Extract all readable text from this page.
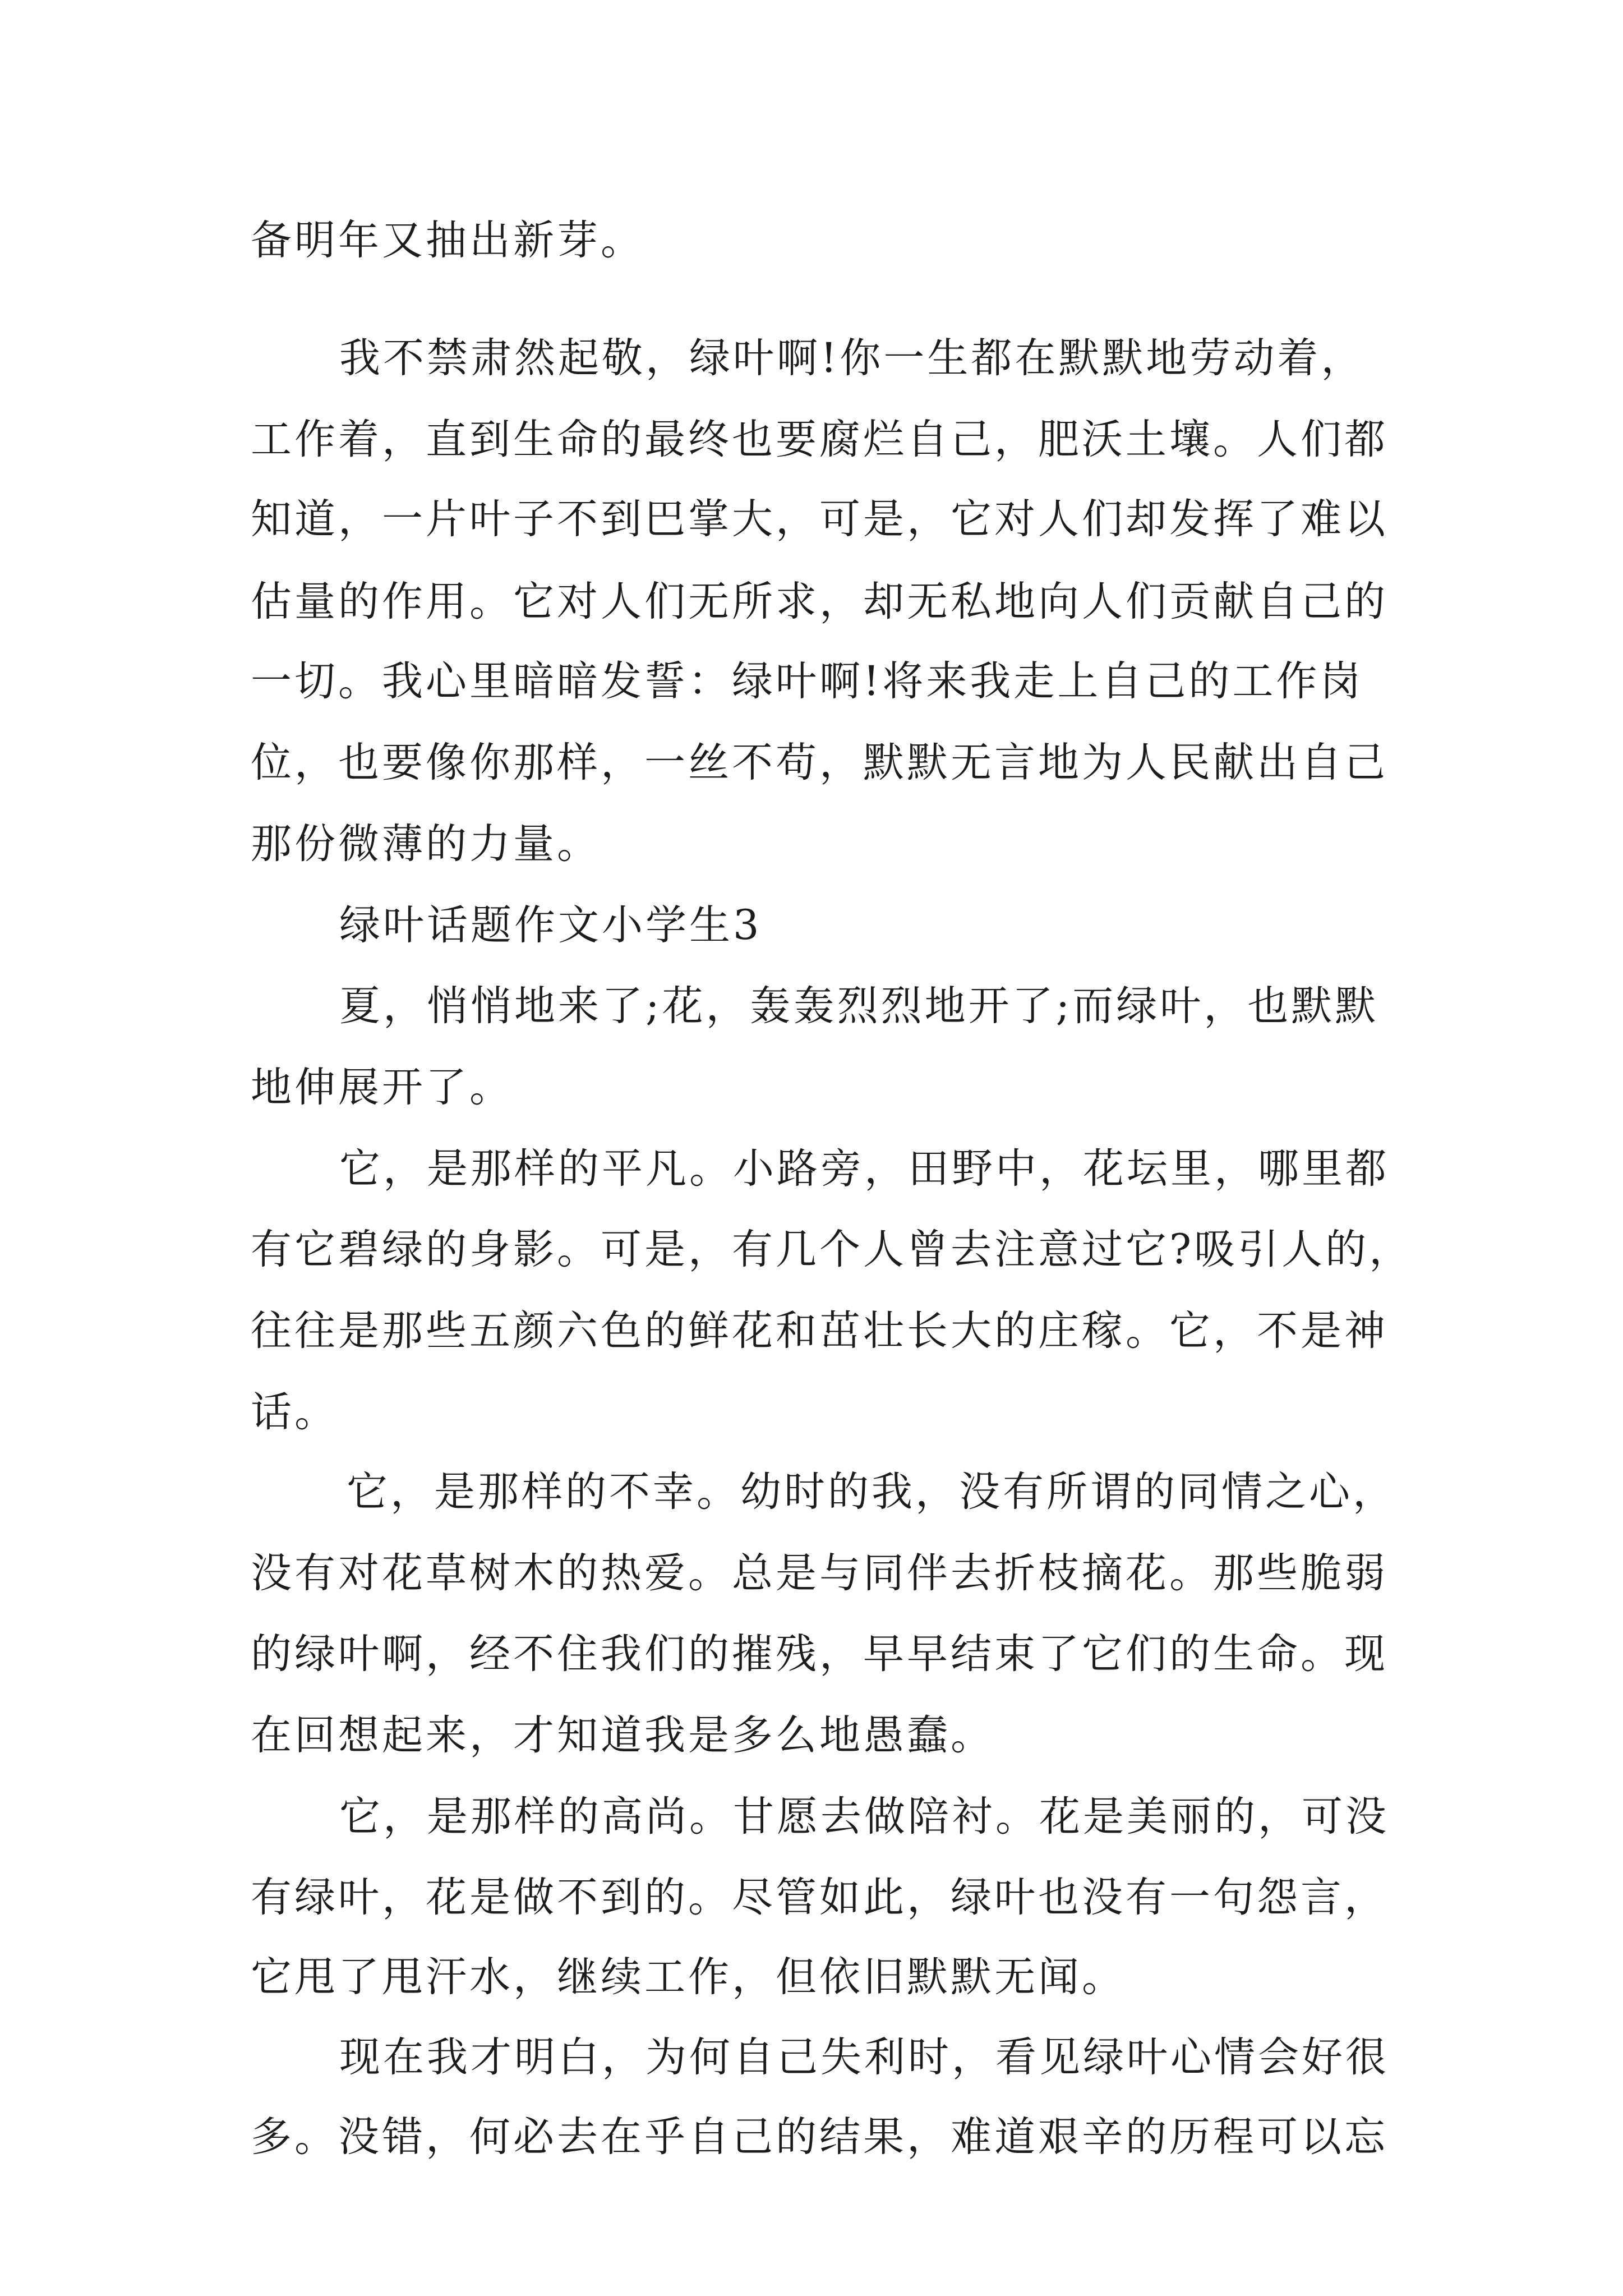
备明年又抽出新芽。
我不禁肃然起敬，绿叶啊!你一生都在默默地劳动着，
工作着，直到生命的最终也要腐烂自己，肥沃土壤。人们都
知道，一片叶子不到巴掌大，可是，它对人们却发挥了难以
估量的作用。它对人们无所求，却无私地向人们贡献自己的
一切。我心里暗暗发誓：绿叶啊!将来我走上自己的工作岗
位，也要像你那样，一丝不苟，默默无言地为人民献出自己
那份微薄的力量。
绿叶话题作文小学生3
夏，悄悄地来了;花，轰轰烈烈地开了;而绿叶，也默默
地伸展开了。
它，是那样的平凡。小路旁，田野中，花坛里，哪里都
有它碧绿的身影。可是，有几个人曾去注意过它?吸引人的，
往往是那些五颜六色的鲜花和茁壮长大的庄稼。它，不是神
话。
它，是那样的不幸。幼时的我，没有所谓的同情之心，
没有对花草树木的热爱。总是与同伴去折枝摘花。那些脆弱
的绿叶啊，经不住我们的摧残，早早结束了它们的生命。现
在回想起来，才知道我是多么地愚蠢。
它，是那样的高尚。甘愿去做陪衬。花是美丽的，可没
有绿叶，花是做不到的。尽管如此，绿叶也没有一句怨言，
它甩了甩汗水，继续工作，但依旧默默无闻。
现在我才明白，为何自己失利时，看见绿叶心情会好很
多。没错，何必去在乎自己的结果，难道艰辛的历程可以忘
